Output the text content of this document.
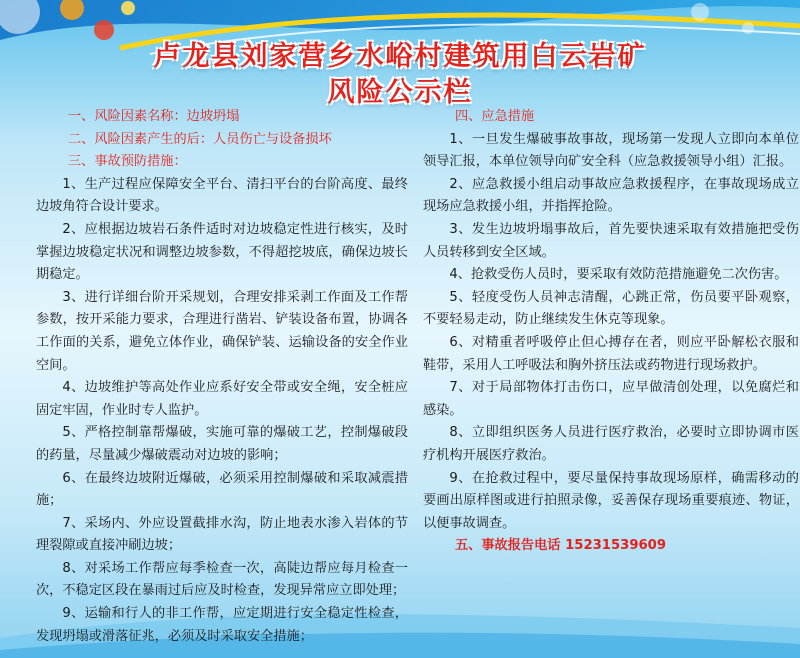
卢龙县刘家营乡水峪村建筑用白云岩矿
风险公示栏
一、风险因素名称：边坡坍塌
二、风险因素产生的后：人员伤亡与设备损坏
三、事故预防措施：

1、生产过程应保障安全平台、清扫平台的台阶高度、最终边坡角符合设计要求。

2、应根据边坡岩石条件适时对边坡稳定性进行核实，及时掌握边坡稳定状况和调整边坡参数，不得超挖坡底，确保边坡长期稳定。

3、进行详细台阶开采规划，合理安排采剥工作面及工作帮参数，按开采能力要求，合理进行凿岩、铲装设备布置，协调各工作面的关系，避免立体作业，确保铲装、运输设备的安全作业空间。

4、边坡维护等高处作业应系好安全带或安全绳，安全桩应固定牢固，作业时专人监护。

5、严格控制靠帮爆破，实施可靠的爆破工艺，控制爆破段的药量，尽量减少爆破震动对边坡的影响；

6、在最终边坡附近爆破，必须采用控制爆破和采取减震措施；

7、采场内、外应设置截排水沟，防止地表水渗入岩体的节理裂隙或直接冲刷边坡；

8、对采场工作帮应每季检查一次，高陡边帮应每月检查一次，不稳定区段在暴雨过后应及时检查，发现异常应立即处理；

9、运输和行人的非工作帮，应定期进行安全稳定性检查，发现坍塌或滑落征兆，必须及时采取安全措施；

四、应急措施

1、一旦发生爆破事故事故，现场第一发现人立即向本单位领导汇报，本单位领导向矿安全科（应急救援领导小组）汇报。

2、应急救援小组启动事故应急救援程序，在事故现场成立现场应急救援小组，并指挥抢险。

3、发生边坡坍塌事故后，首先要快速采取有效措施把受伤人员转移到安全区域。

4、抢救受伤人员时，要采取有效防范措施避免二次伤害。

5、轻度受伤人员神志清醒，心跳正常，伤员要平卧观察，不要轻易走动，防止继续发生休克等现象。

6、对精重者呼吸停止但心搏存在者，则应平卧解松衣服和鞋带，采用人工呼吸法和胸外挤压法或药物进行现场救护。

7、对于局部物体打击伤口，应早做清创处理，以免腐烂和感染。

8、立即组织医务人员进行医疗救治，必要时立即协调市医疗机构开展医疗救治。

9、在抢救过程中，要尽量保持事故现场原样，确需移动的要画出原样图或进行拍照录像，妥善保存现场重要痕迹、物证，以便事故调查。

五、事故报告电话 15231539609
